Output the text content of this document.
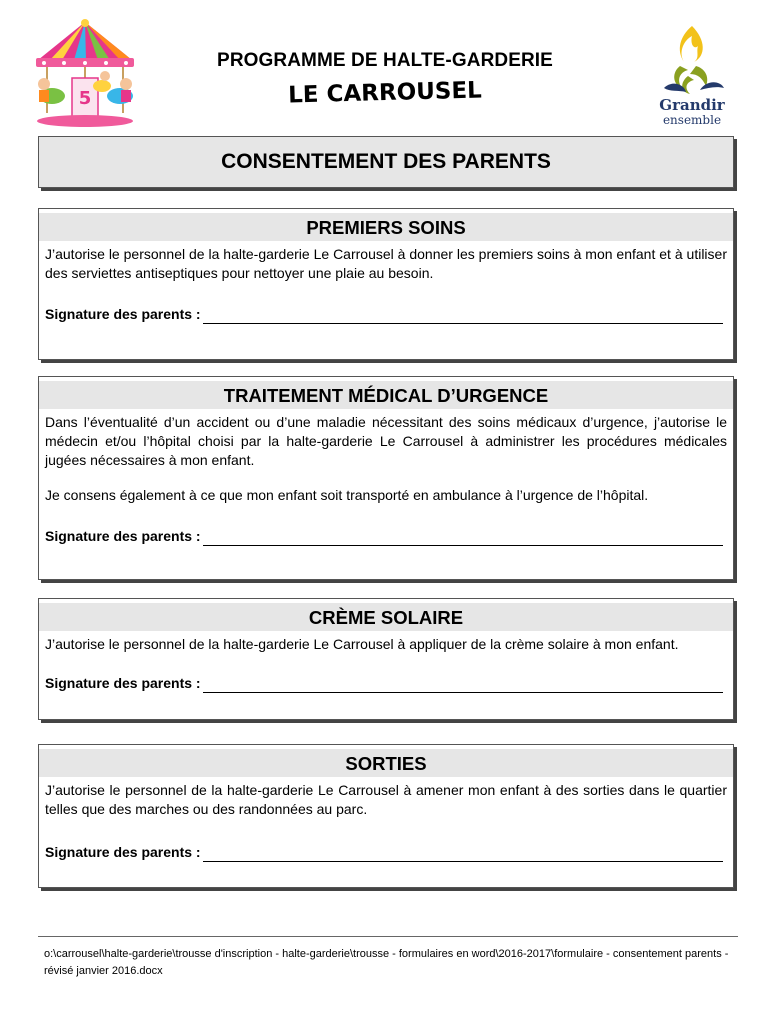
5
PROGRAMME DE HALTE-GARDERIE
LE CARROUSEL	Grandir
ensemble
CONSENTEMENT DES PARENTS
PREMIERS SOINS

J’autorise le personnel de la halte-garderie Le Carrousel à donner les premiers soins à mon enfant et à utiliser des serviettes antiseptiques pour nettoyer une plaie au besoin.

Signature des parents :
TRAITEMENT MÉDICAL D’URGENCE

Dans l’éventualité d’un accident ou d’une maladie nécessitant des soins médicaux d’urgence, j’autorise le médecin et/ou l’hôpital choisi par la halte-garderie Le Carrousel à administrer les procédures médicales jugées nécessaires à mon enfant.

Je consens également à ce que mon enfant soit transporté en ambulance à l’urgence de l’hôpital.

Signature des parents :
CRÈME SOLAIRE

J’autorise le personnel de la halte-garderie Le Carrousel à appliquer de la crème solaire à mon enfant.

Signature des parents :
SORTIES

J’autorise le personnel de la halte-garderie Le Carrousel à amener mon enfant à des sorties dans le quartier telles que des marches ou des randonnées au parc.

Signature des parents :
o:\carrousel\halte-garderie\trousse d'inscription - halte-garderie\trousse - formulaires en word\2016-2017\formulaire - consentement parents - révisé janvier 2016.docx
